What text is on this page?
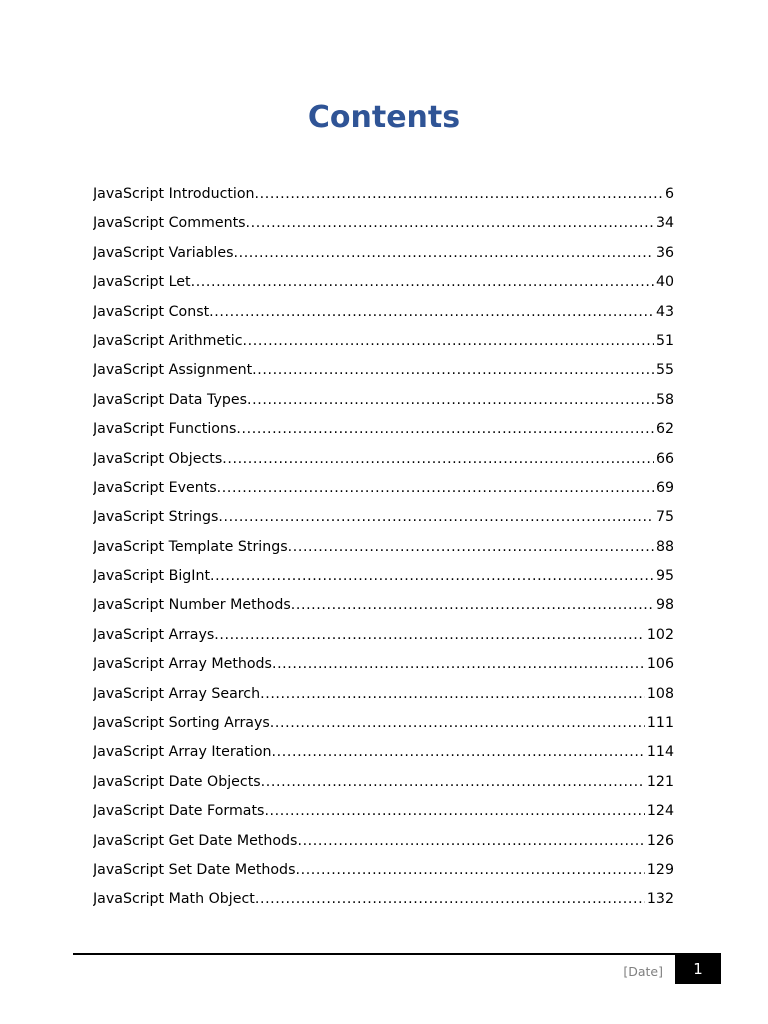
Contents
JavaScript Introduction .....	6
JavaScript Comments .....	34
JavaScript Variables .....	36
JavaScript Let .....	40
JavaScript Const .....	43
JavaScript Arithmetic .....	51
JavaScript Assignment .....	55
JavaScript Data Types .....	58
JavaScript Functions .....	62
JavaScript Objects .....	66
JavaScript Events .....	69
JavaScript Strings .....	75
JavaScript Template Strings .....	88
JavaScript BigInt .....	95
JavaScript Number Methods .....	98
JavaScript Arrays .....	102
JavaScript Array Methods .....	106
JavaScript Array Search .....	108
JavaScript Sorting Arrays .....	111
JavaScript Array Iteration .....	114
JavaScript Date Objects .....	121
JavaScript Date Formats .....	124
JavaScript Get Date Methods .....	126
JavaScript Set Date Methods .....	129
JavaScript Math Object .....	132
[Date]	1
